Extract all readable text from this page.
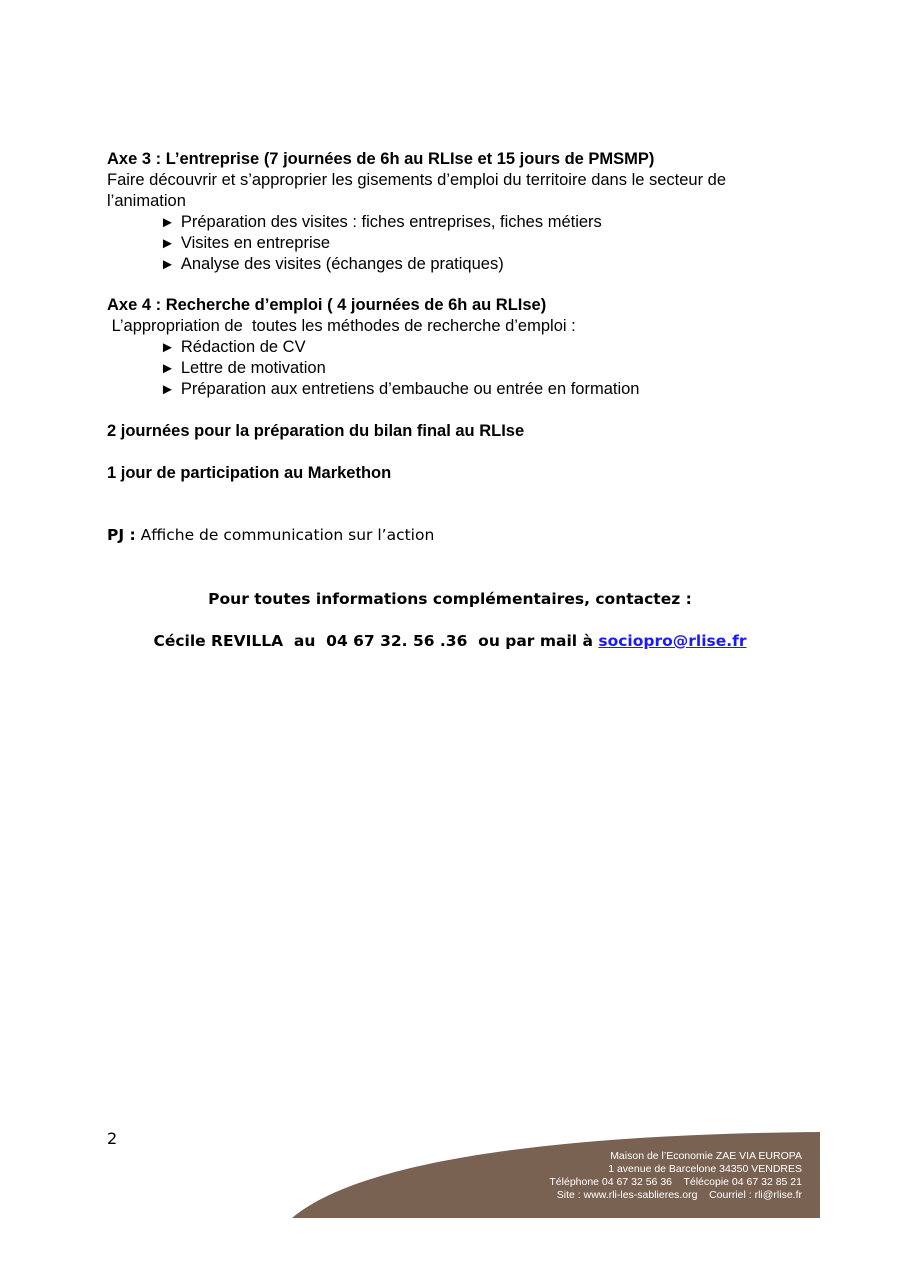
Axe 3 : L’entreprise (7 journées de 6h au RLIse et 15 jours de PMSMP)
Faire découvrir et s’approprier les gisements d’emploi du territoire dans le secteur de
l’animation
► Préparation des visites : fiches entreprises, fiches métiers
► Visites en entreprise
► Analyse des visites (échanges de pratiques)
Axe 4 : Recherche d’emploi ( 4 journées de 6h au RLIse)
L’appropriation de  toutes les méthodes de recherche d’emploi :
► Rédaction de CV
► Lettre de motivation
► Préparation aux entretiens d’embauche ou entrée en formation
2 journées pour la préparation du bilan final au RLIse
1 jour de participation au Markethon
PJ : Affiche de communication sur l’action
Pour toutes informations complémentaires, contactez :
Cécile REVILLA  au  04 67 32. 56 .36  ou par mail à sociopro@rlise.fr
2
Maison de l’Economie ZAE VIA EUROPA
1 avenue de Barcelone 34350 VENDRES
Téléphone 04 67 32 56 36    Télécopie 04 67 32 85 21
Site : www.rli-les-sablieres.org    Courriel : rli@rlise.fr
